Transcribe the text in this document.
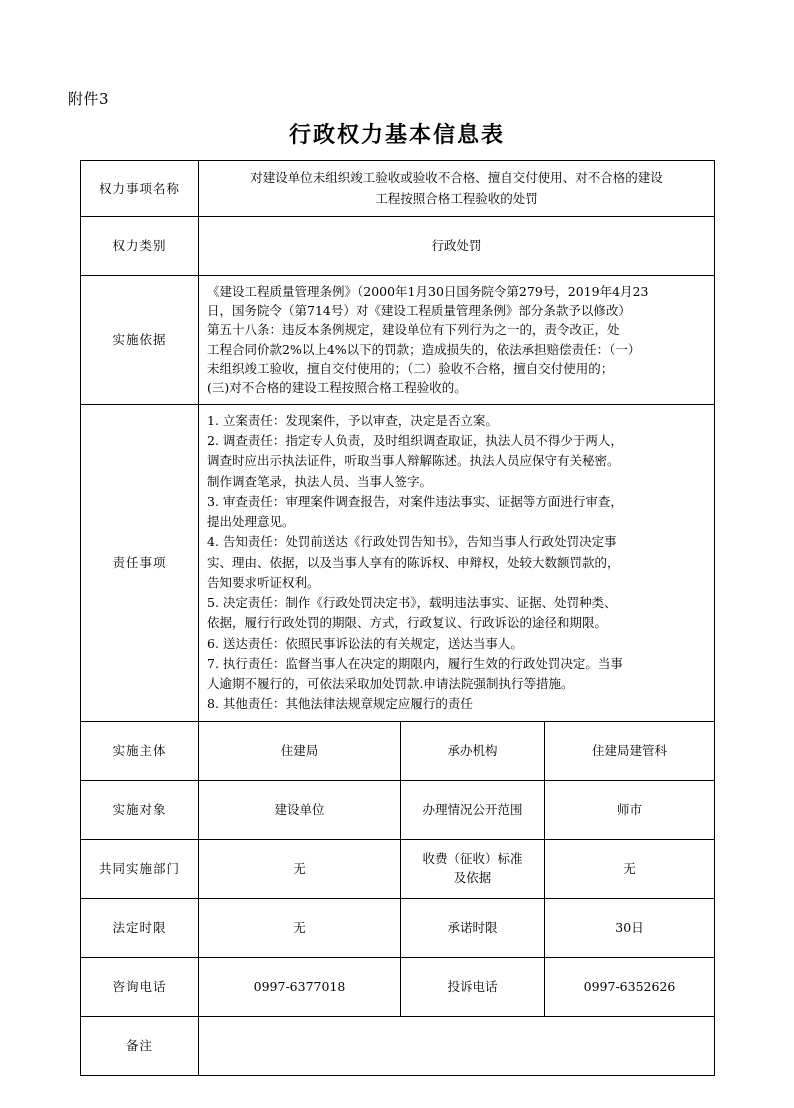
附件3
行政权力基本信息表
权力事项名称	对建设单位未组织竣工验收或验收不合格、擅自交付使用、对不合格的建设
工程按照合格工程验收的处罚		

权力类别	行政处罚		
实施依据	
《建设工程质量管理条例》（2000年1月30日国务院令第279号，2019年4月23
日，国务院令（第714号）对《建设工程质量管理条例》部分条款予以修改）
第五十八条：违反本条例规定，建设单位有下列行为之一的，责令改正，处
工程合同价款2%以上4%以下的罚款；造成损失的，依法承担赔偿责任：（一）
未组织竣工验收，擅自交付使用的；（二）验收不合格，擅自交付使用的；
(三)对不合格的建设工程按照合格工程验收的。

责任事项	
1. 立案责任：发现案件，予以审查，决定是否立案。
2. 调查责任：指定专人负责，及时组织调查取证，执法人员不得少于两人，
调查时应出示执法证件，听取当事人辩解陈述。执法人员应保守有关秘密。
制作调查笔录，执法人员、当事人签字。
3. 审查责任：审理案件调查报告，对案件违法事实、证据等方面进行审查，
提出处理意见。
4. 告知责任：处罚前送达《行政处罚告知书》，告知当事人行政处罚决定事
实、理由、依据，以及当事人享有的陈诉权、申辩权，处较大数额罚款的，
告知要求听证权利。
5. 决定责任：制作《行政处罚决定书》，载明违法事实、证据、处罚种类、
依据，履行行政处罚的期限、方式，行政复议、行政诉讼的途径和期限。
6. 送达责任：依照民事诉讼法的有关规定，送达当事人。
7. 执行责任：监督当事人在决定的期限内，履行生效的行政处罚决定。当事
人逾期不履行的，可依法采取加处罚款.申请法院强制执行等措施。
8. 其他责任：其他法律法规章规定应履行的责任

实施主体	住建局	承办机构	住建局建管科
实施对象	建设单位	办理情况公开范围	师市
共同实施部门	无	收费（征收）标准
及依据	无
法定时限	无	承诺时限	30日
咨询电话	0997-6377018	投诉电话	0997-6352626
备注			
